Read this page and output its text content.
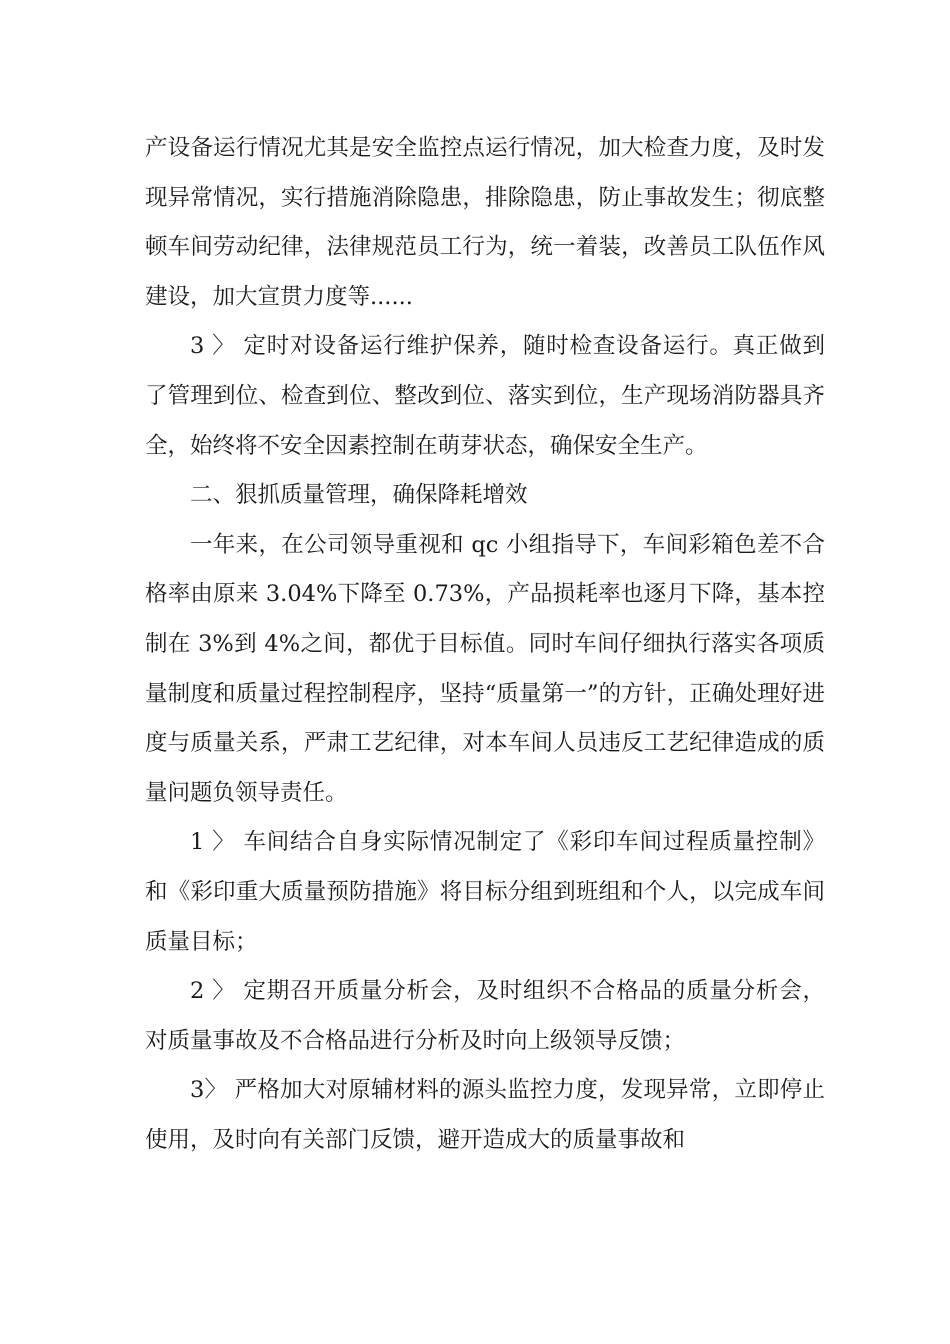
产设备运行情况尤其是安全监控点运行情况，加大检查力度，及时发现异常情况，实行措施消除隐患，排除隐患，防止事故发生；彻底整顿车间劳动纪律，法律规范员工行为，统一着装，改善员工队伍作风建设，加大宣贯力度等......

3 〉 定时对设备运行维护保养，随时检查设备运行。真正做到了管理到位、检查到位、整改到位、落实到位，生产现场消防器具齐全，始终将不安全因素控制在萌芽状态，确保安全生产。

二、狠抓质量管理，确保降耗增效

一年来，在公司领导重视和 qc 小组指导下，车间彩箱色差不合格率由原来 3.04%下降至 0.73%，产品损耗率也逐月下降，基本控制在 3%到 4%之间，都优于目标值。同时车间仔细执行落实各项质量制度和质量过程控制程序，坚持“质量第一”的方针，正确处理好进度与质量关系，严肃工艺纪律，对本车间人员违反工艺纪律造成的质量问题负领导责任。

1 〉 车间结合自身实际情况制定了《彩印车间过程质量控制》和《彩印重大质量预防措施》将目标分组到班组和个人，以完成车间质量目标；

2 〉 定期召开质量分析会，及时组织不合格品的质量分析会，对质量事故及不合格品进行分析及时向上级领导反馈；

3〉 严格加大对原辅材料的源头监控力度，发现异常，立即停止使用，及时向有关部门反馈，避开造成大的质量事故和
